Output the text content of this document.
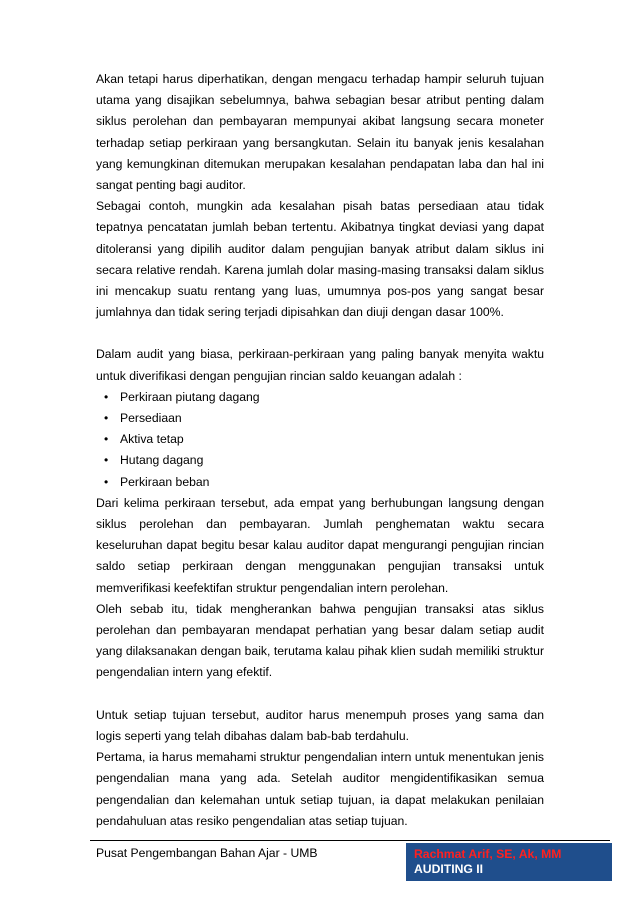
Akan tetapi harus diperhatikan, dengan mengacu terhadap hampir seluruh tujuan utama yang disajikan sebelumnya, bahwa sebagian besar atribut penting dalam siklus perolehan dan pembayaran mempunyai akibat langsung secara moneter terhadap setiap perkiraan yang bersangkutan. Selain itu banyak jenis kesalahan yang kemungkinan ditemukan merupakan kesalahan pendapatan laba dan hal ini sangat penting bagi auditor.

Sebagai contoh, mungkin ada kesalahan pisah batas persediaan atau tidak tepatnya pencatatan jumlah beban tertentu. Akibatnya tingkat deviasi yang dapat ditoleransi yang dipilih auditor dalam pengujian banyak atribut dalam siklus ini secara relative rendah. Karena jumlah dolar masing-masing transaksi dalam siklus ini mencakup suatu rentang yang luas, umumnya pos-pos yang sangat besar jumlahnya dan tidak sering terjadi dipisahkan dan diuji dengan dasar 100%.

Dalam audit yang biasa, perkiraan-perkiraan yang paling banyak menyita waktu untuk diverifikasi dengan pengujian rincian saldo keuangan adalah :

• Perkiraan piutang dagang
• Persediaan
• Aktiva tetap
• Hutang dagang
• Perkiraan beban

Dari kelima perkiraan tersebut, ada empat yang berhubungan langsung dengan siklus perolehan dan pembayaran. Jumlah penghematan waktu secara keseluruhan dapat begitu besar kalau auditor dapat mengurangi pengujian rincian saldo setiap perkiraan dengan menggunakan pengujian transaksi untuk memverifikasi keefektifan struktur pengendalian intern perolehan.

Oleh sebab itu, tidak mengherankan bahwa pengujian transaksi atas siklus perolehan dan pembayaran mendapat perhatian yang besar dalam setiap audit yang dilaksanakan dengan baik, terutama kalau pihak klien sudah memiliki struktur pengendalian intern yang efektif.

Untuk setiap tujuan tersebut, auditor harus menempuh proses yang sama dan logis seperti yang telah dibahas dalam bab-bab terdahulu.

Pertama, ia harus memahami struktur pengendalian intern untuk menentukan jenis pengendalian mana yang ada. Setelah auditor mengidentifikasikan semua pengendalian dan kelemahan untuk setiap tujuan, ia dapat melakukan penilaian pendahuluan atas resiko pengendalian atas setiap tujuan.

Pusat Pengembangan Bahan Ajar - UMB	Rachmat Arif, SE, Ak, MM
AUDITING II
